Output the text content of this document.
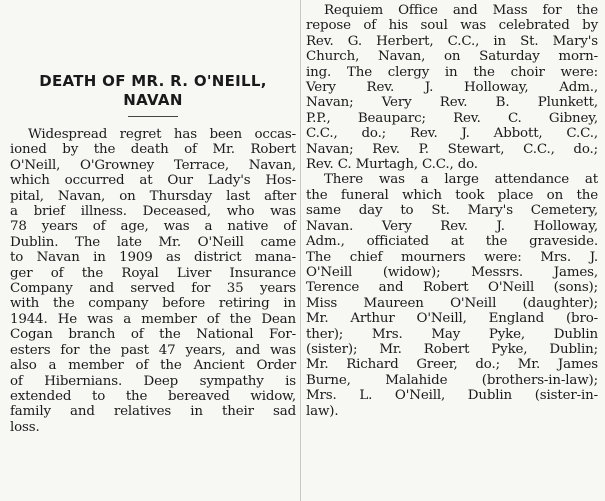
DEATH OF MR. R. O'NEILL,
NAVAN

Widespread regret has been occas-
ioned by the death of Mr. Robert
O'Neill, O'Growney Terrace, Navan,
which occurred at Our Lady's Hos-
pital, Navan, on Thursday last after
a brief illness. Deceased, who was
78 years of age, was a native of
Dublin. The late Mr. O'Neill came
to Navan in 1909 as district mana-
ger of the Royal Liver Insurance
Company and served for 35 years
with the company before retiring in
1944. He was a member of the Dean
Cogan branch of the National For-
esters for the past 47 years, and was
also a member of the Ancient Order
of Hibernians. Deep sympathy is
extended to the bereaved widow,
family and relatives in their sad
loss.

Requiem Office and Mass for the
repose of his soul was celebrated by
Rev. G. Herbert, C.C., in St. Mary's
Church, Navan, on Saturday morn-
ing. The clergy in the choir were:
Very Rev. J. Holloway, Adm.,
Navan; Very Rev. B. Plunkett,
P.P., Beauparc; Rev. C. Gibney,
C.C., do.; Rev. J. Abbott, C.C.,
Navan; Rev. P. Stewart, C.C., do.;
Rev. C. Murtagh, C.C., do.

There was a large attendance at
the funeral which took place on the
same day to St. Mary's Cemetery,
Navan. Very Rev. J. Holloway,
Adm., officiated at the graveside.
The chief mourners were: Mrs. J.
O'Neill (widow); Messrs. James,
Terence and Robert O'Neill (sons);
Miss Maureen O'Neill (daughter);
Mr. Arthur O'Neill, England (bro-
ther); Mrs. May Pyke, Dublin
(sister); Mr. Robert Pyke, Dublin;
Mr. Richard Greer, do.; Mr. James
Burne, Malahide (brothers-in-law);
Mrs. L. O'Neill, Dublin (sister-in-
law).
